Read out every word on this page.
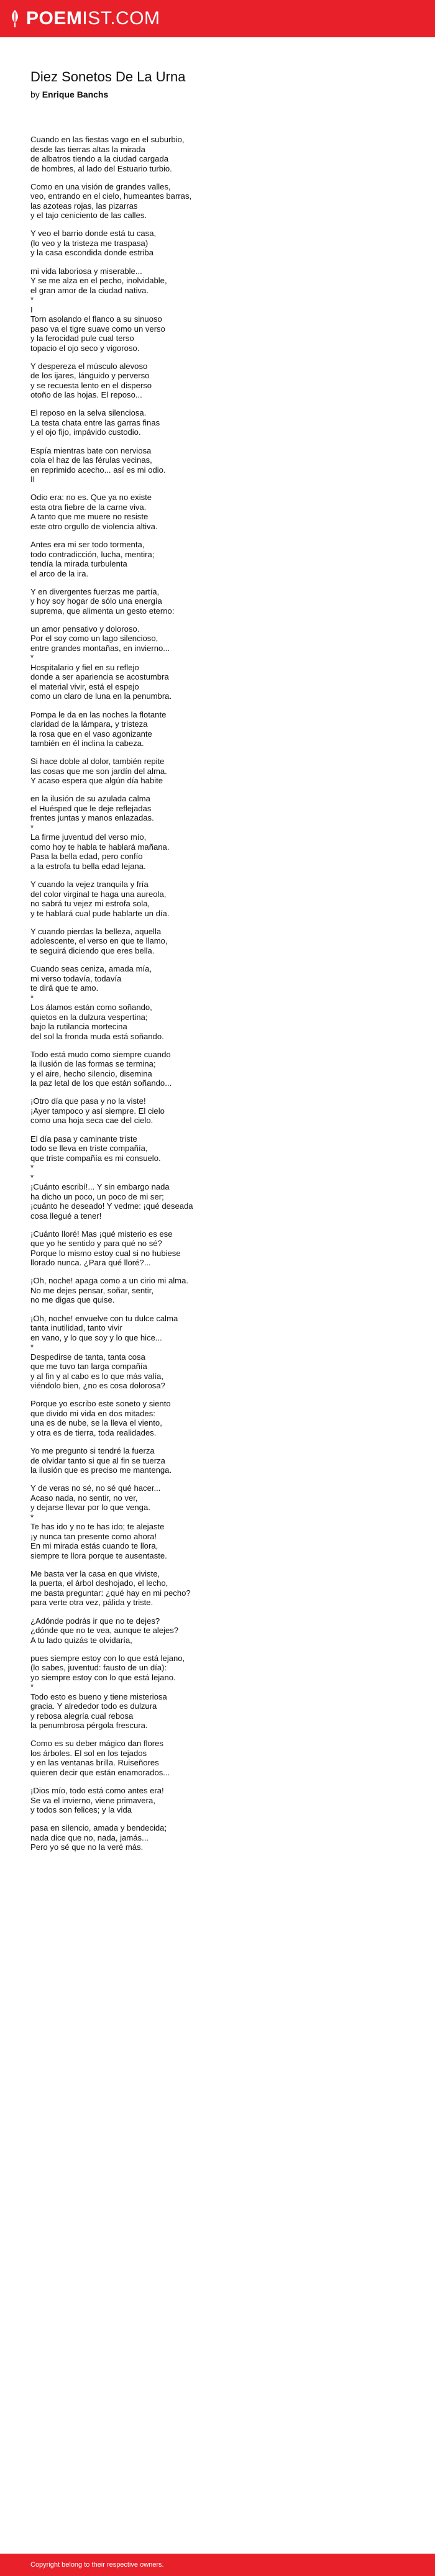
POEMIST.COM
Diez Sonetos De La Urna
by Enrique Banchs
Cuando en las fiestas vago en el suburbio,
desde las tierras altas la mirada
de albatros tiendo a la ciudad cargada
de hombres, al lado del Estuario turbio.
Como en una visión de grandes valles,
veo, entrando en el cielo, humeantes barras,
las azoteas rojas, las pizarras
y el tajo ceniciento de las calles.
Y veo el barrio donde está tu casa,
(lo veo y la tristeza me traspasa)
y la casa escondida donde estriba
mi vida laboriosa y miserable...
Y se me alza en el pecho, inolvidable,
el gran amor de la ciudad nativa.
*
I
Torn asolando el flanco a su sinuoso
paso va el tigre suave como un verso
y la ferocidad pule cual terso
topacio el ojo seco y vigoroso.
Y despereza el músculo alevoso
de los ijares, lánguido y perverso
y se recuesta lento en el disperso
otoño de las hojas. El reposo...
El reposo en la selva silenciosa.
La testa chata entre las garras finas
y el ojo fijo, impávido custodio.
Espía mientras bate con nerviosa
cola el haz de las férulas vecinas,
en reprimido acecho... así es mi odio.
II
Odio era: no es. Que ya no existe
esta otra fiebre de la carne viva.
A tanto que me muere no resiste
este otro orgullo de violencia altiva.
Antes era mi ser todo tormenta,
todo contradicción, lucha, mentira;
tendía la mirada turbulenta
el arco de la ira.
Y en divergentes fuerzas me partía,
y hoy soy hogar de sólo una energía
suprema, que alimenta un gesto eterno:
un amor pensativo y doloroso.
Por el soy como un lago silencioso,
entre grandes montañas, en invierno...
*
Hospitalario y fiel en su reflejo
donde a ser apariencia se acostumbra
el material vivir, está el espejo
como un claro de luna en la penumbra.
Pompa le da en las noches la flotante
claridad de la lámpara, y tristeza
la rosa que en el vaso agonizante
también en él inclina la cabeza.
Si hace doble al dolor, también repite
las cosas que me son jardín del alma.
Y acaso espera que algún día habite
en la ilusión de su azulada calma
el Huésped que le deje reflejadas
frentes juntas y manos enlazadas.
*
La firme juventud del verso mío,
como hoy te habla te hablará mañana.
Pasa la bella edad, pero confío
a la estrofa tu bella edad lejana.
Y cuando la vejez tranquila y fría
del color virginal te haga una aureola,
no sabrá tu vejez mi estrofa sola,
y te hablará cual pude hablarte un día.
Y cuando pierdas la belleza, aquella
adolescente, el verso en que te llamo,
te seguirá diciendo que eres bella.
Cuando seas ceniza, amada mía,
mi verso todavía, todavía
te dirá que te amo.
*
Los álamos están como soñando,
quietos en la dulzura vespertina;
bajo la rutilancia mortecina
del sol la fronda muda está soñando.
Todo está mudo como siempre cuando
la ilusión de las formas se termina;
y el aire, hecho silencio, disemina
la paz letal de los que están soñando...
¡Otro día que pasa y no la viste!
¡Ayer tampoco y así siempre. El cielo
como una hoja seca cae del cielo.
El día pasa y caminante triste
todo se lleva en triste compañía,
que triste compañía es mi consuelo.
*
*
¡Cuánto escribí!... Y sin embargo nada
ha dicho un poco, un poco de mi ser;
¡cuánto he deseado! Y vedme: ¡qué deseada
cosa llegué a tener!
¡Cuánto lloré! Mas ¡qué misterio es ese
que yo he sentido y para qué no sé?
Porque lo mismo estoy cual si no hubiese
llorado nunca. ¿Para qué lloré?...
¡Oh, noche! apaga como a un cirio mi alma.
No me dejes pensar, soñar, sentir,
no me digas que quise.
¡Oh, noche! envuelve con tu dulce calma
tanta inutilidad, tanto vivir
en vano, y lo que soy y lo que hice...
*
Despedirse de tanta, tanta cosa
que me tuvo tan larga compañía
y al fin y al cabo es lo que más valía,
viéndolo bien, ¿no es cosa dolorosa?
Porque yo escribo este soneto y siento
que divido mi vida en dos mitades:
una es de nube, se la lleva el viento,
y otra es de tierra, toda realidades.
Yo me pregunto si tendré la fuerza
de olvidar tanto si que al fin se tuerza
la ilusión que es preciso me mantenga.
Y de veras no sé, no sé qué hacer...
Acaso nada, no sentir, no ver,
y dejarse llevar por lo que venga.
*
Te has ido y no te has ido; te alejaste
¡y nunca tan presente como ahora!
En mi mirada estás cuando te llora,
siempre te llora porque te ausentaste.
Me basta ver la casa en que viviste,
la puerta, el árbol deshojado, el lecho,
me basta preguntar: ¿qué hay en mi pecho?
para verte otra vez, pálida y triste.
¿Adónde podrás ir que no te dejes?
¿dónde que no te vea, aunque te alejes?
A tu lado quizás te olvidaría,
pues siempre estoy con lo que está lejano,
(lo sabes, juventud: fausto de un día):
yo siempre estoy con lo que está lejano.
*
Todo esto es bueno y tiene misteriosa
gracia. Y alrededor todo es dulzura
y rebosa alegría cual rebosa
la penumbrosa pérgola frescura.
Como es su deber mágico dan flores
los árboles. El sol en los tejados
y en las ventanas brilla. Ruiseñores
quieren decir que están enamorados...
¡Dios mío, todo está como antes era!
Se va el invierno, viene primavera,
y todos son felices; y la vida
pasa en silencio, amada y bendecida;
nada dice que no, nada, jamás...
Pero yo sé que no la veré más.
Copyright belong to their respective owners.
